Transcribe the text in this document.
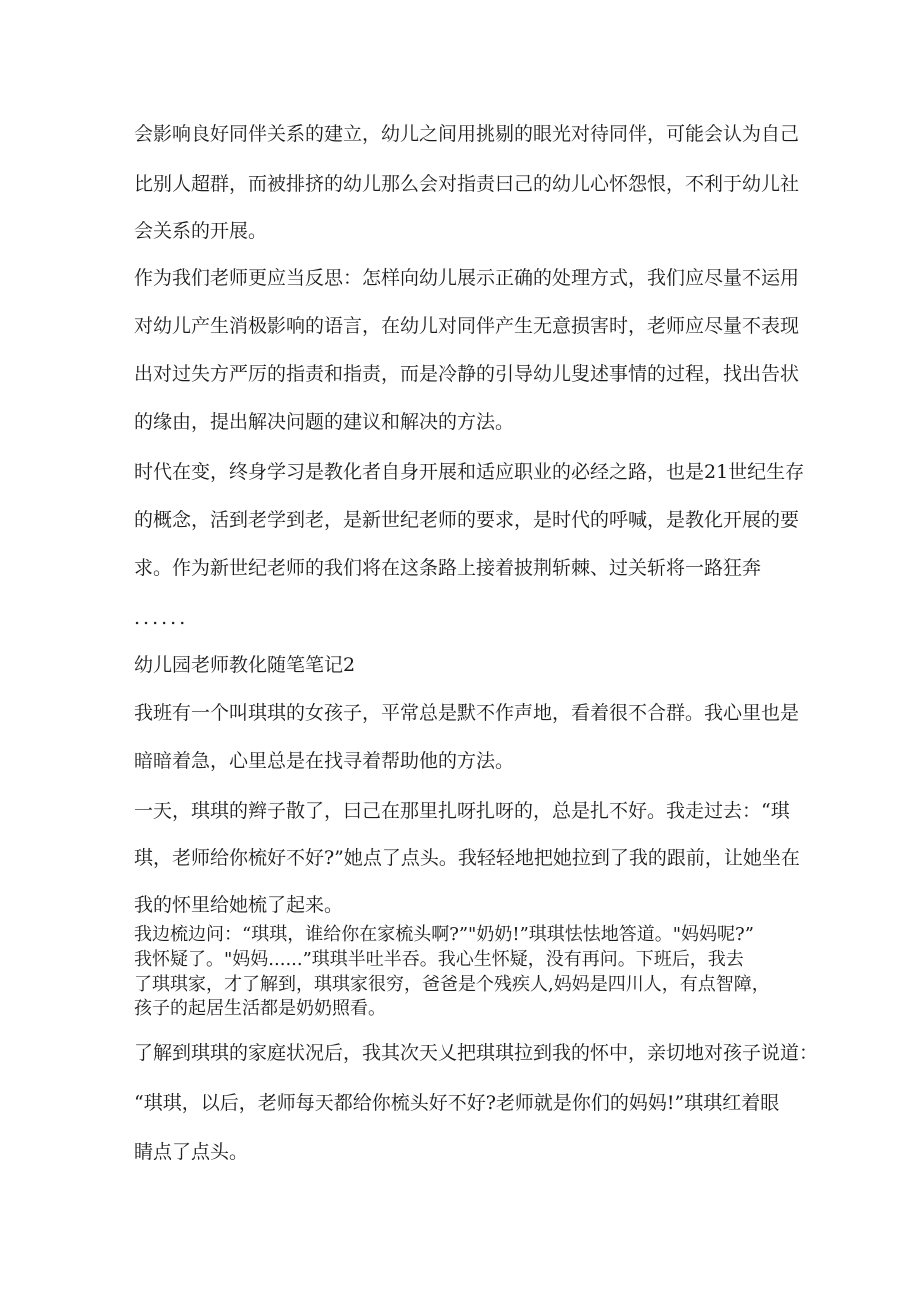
会影响良好同伴关系的建立，幼儿之间用挑剔的眼光对待同伴，可能会认为自己
比别人超群，而被排挤的幼儿那么会对指责曰己的幼儿心怀怨恨，不利于幼儿社
会关系的开展。
作为我们老师更应当反思：怎样向幼儿展示正确的处理方式，我们应尽量不运用
对幼儿产生消极影响的语言，在幼儿对同伴产生无意损害时，老师应尽量不表现
出对过失方严厉的指责和指责，而是冷静的引导幼儿叟述事情的过程，找出告状
的缘由，提出解决问题的建议和解决的方法。
时代在变，终身学习是教化者自身开展和适应职业的必经之路，也是21世纪生存
的概念，活到老学到老，是新世纪老师的要求，是时代的呼喊，是教化开展的要
求。作为新世纪老师的我们将在这条路上接着披荆斩棘、过关斩将一路狂奔
......
幼儿园老师教化随笔笔记2
我班有一个叫琪琪的女孩子，平常总是默不作声地，看着很不合群。我心里也是
暗暗着急，心里总是在找寻着帮助他的方法。
一天，琪琪的辫子散了，曰己在那里扎呀扎呀的，总是扎不好。我走过去：“琪
琪，老师给你梳好不好?”她点了点头。我轻轻地把她拉到了我的跟前，让她坐在
我的怀里给她梳了起来。
我边梳边问：“琪琪，谁给你在家梳头啊?”"奶奶!”琪琪怯怯地答道。"妈妈呢?”
我怀疑了。"妈妈......”琪琪半吐半吞。我心生怀疑，没有再问。下班后，我去
了琪琪家，才了解到，琪琪家很穷，爸爸是个残疾人,妈妈是四川人，有点智障，
孩子的起居生活都是奶奶照看。
了解到琪琪的家庭状况后，我其次天乂把琪琪拉到我的怀中，亲切地对孩子说道：
“琪琪，以后，老师每天都给你梳头好不好?老师就是你们的妈妈!”琪琪红着眼
睛点了点头。
